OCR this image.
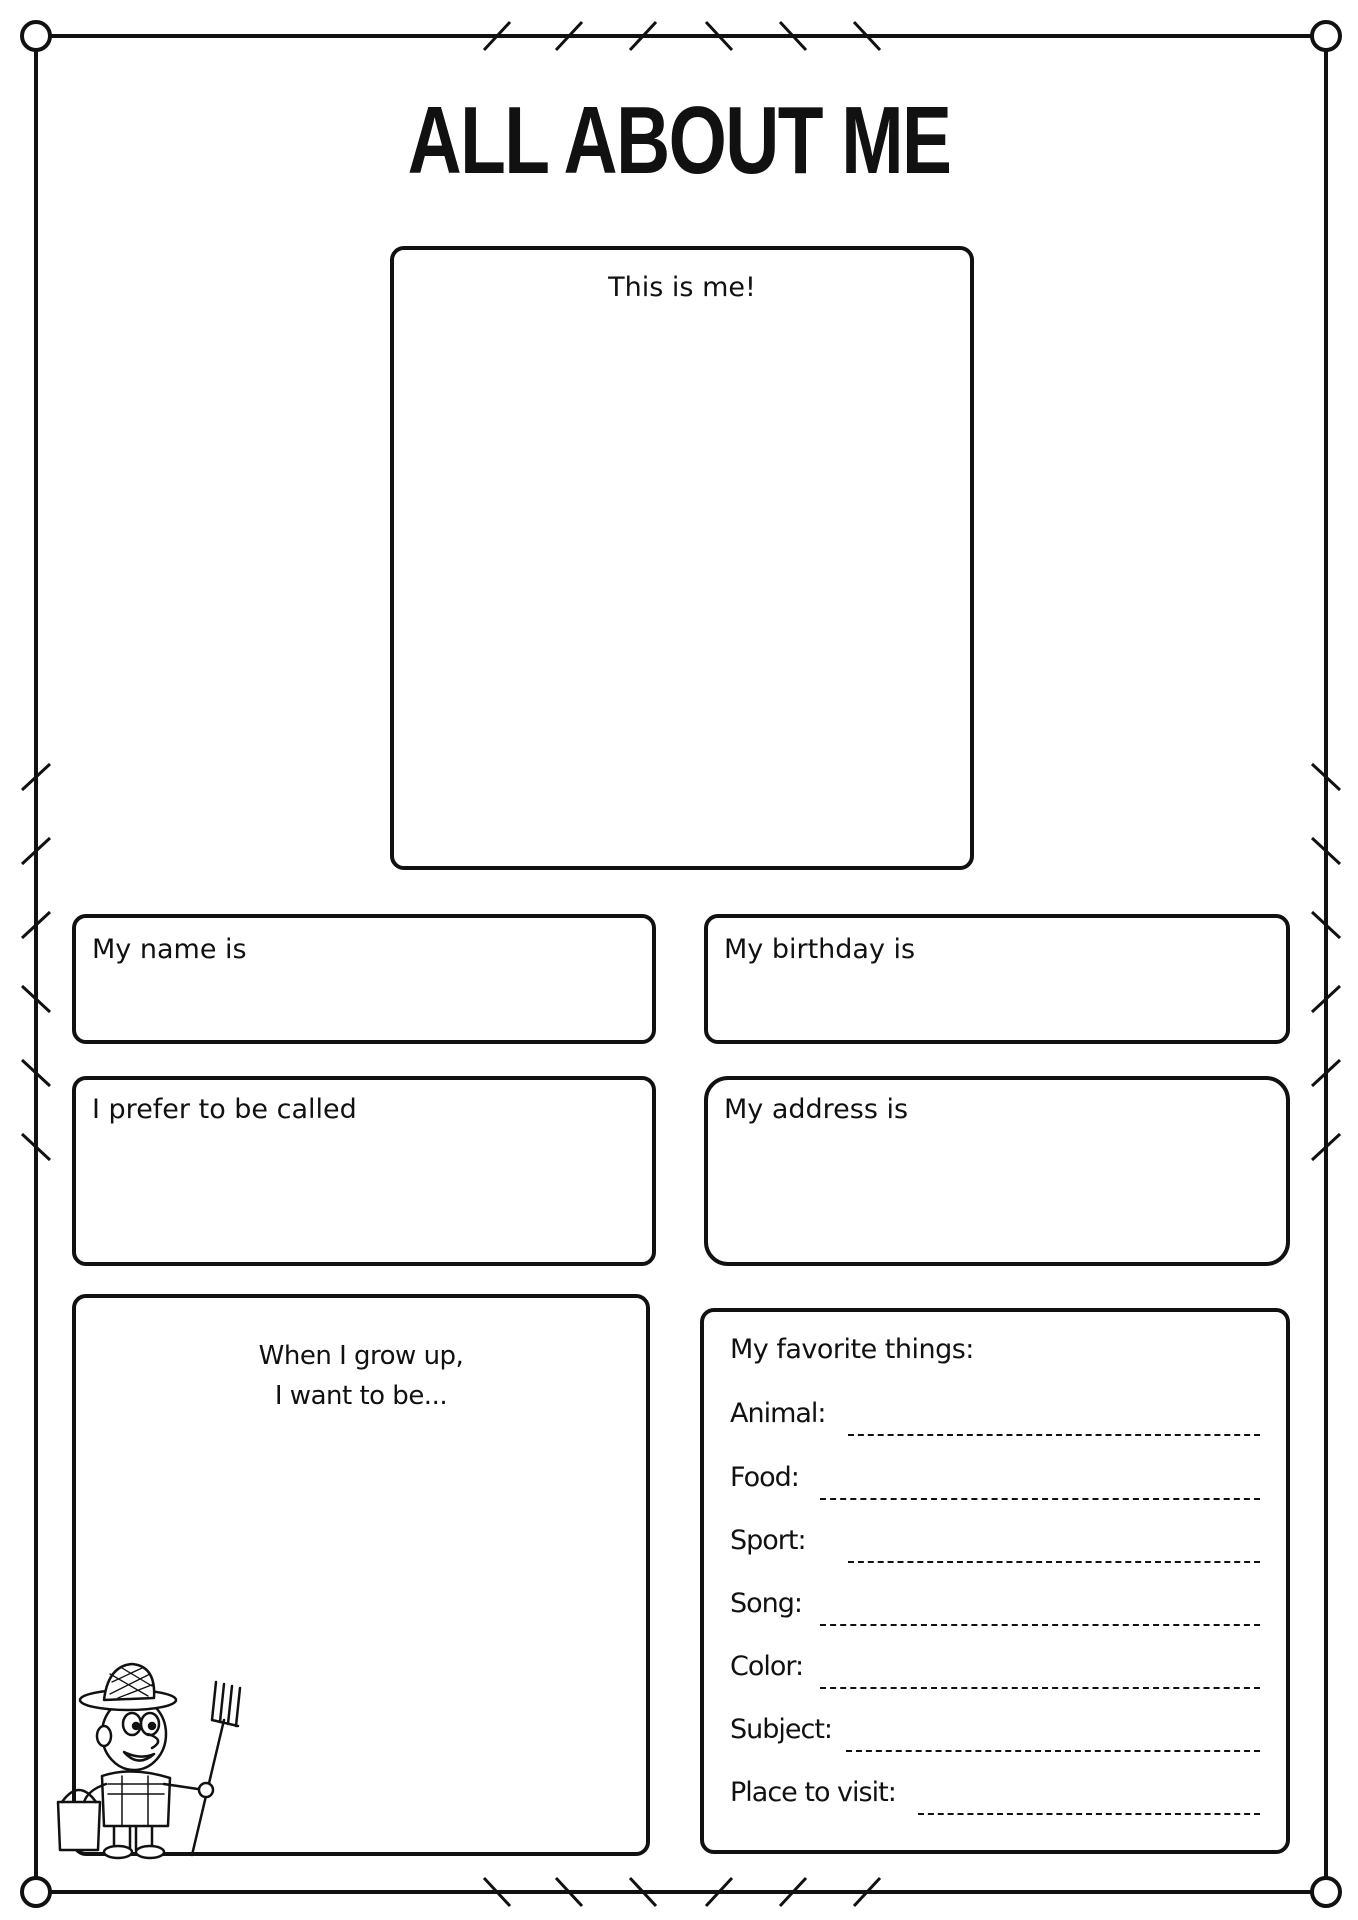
ALL ABOUT ME
This is me!
My name is	My birthday is
I prefer to be called	My address is
When I grow up,
I want to be...
My favorite things:
Animal:
Food:
Sport:
Song:
Color:
Subject:
Place to visit:
